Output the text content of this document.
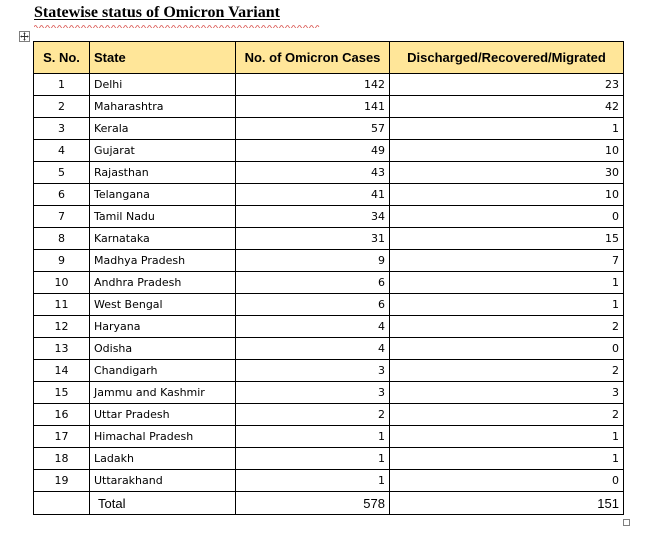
Statewise status of Omicron Variant
S. No.	State	No. of Omicron Cases	Discharged/Recovered/Migrated
1	Delhi	142	23
2	Maharashtra	141	42
3	Kerala	57	1
4	Gujarat	49	10
5	Rajasthan	43	30
6	Telangana	41	10
7	Tamil Nadu	34	0
8	Karnataka	31	15
9	Madhya Pradesh	9	7
10	Andhra Pradesh	6	1
11	West Bengal	6	1
12	Haryana	4	2
13	Odisha	4	0
14	Chandigarh	3	2
15	Jammu and Kashmir	3	3
16	Uttar Pradesh	2	2
17	Himachal Pradesh	1	1
18	Ladakh	1	1
19	Uttarakhand	1	0
	Total	578	151
